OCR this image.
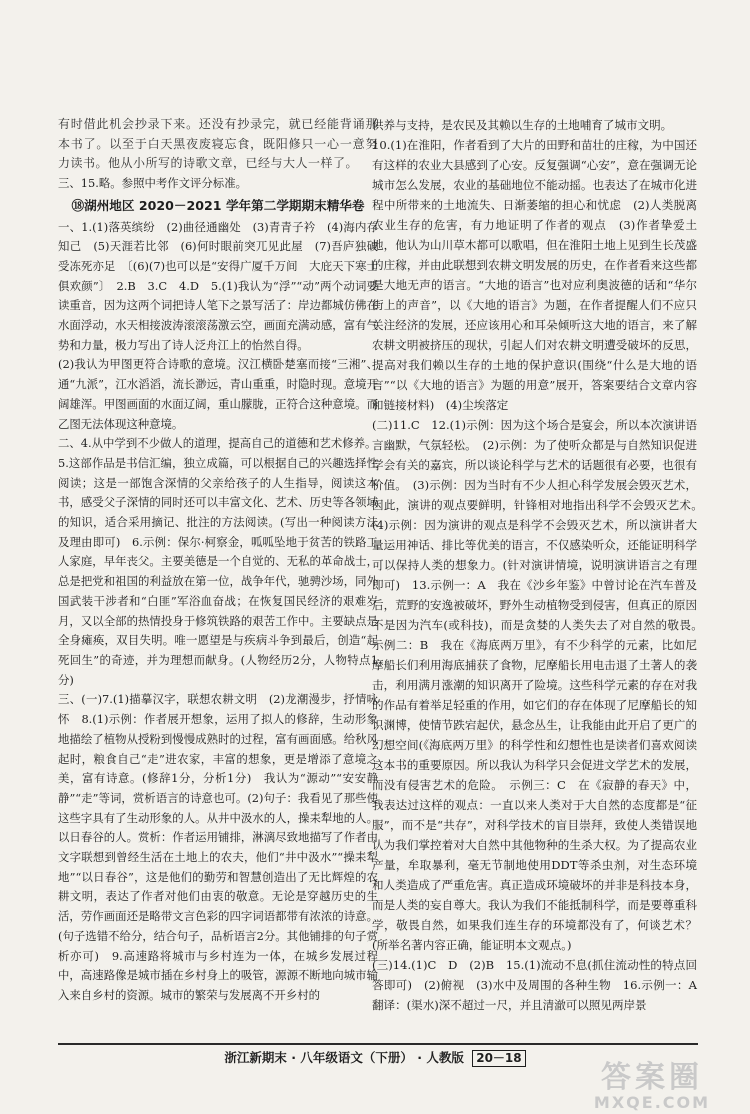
有时借此机会抄录下来。还没有抄录完，就已经能背诵那本书了。以至于白天黑夜废寝忘食，既阳修只一心一意努力读书。他从小所写的诗歌文章，已经与大人一样了。

三、15.略。参照中考作文评分标准。

⑱湖州地区 2020－2021 学年第二学期期末精华卷

一、1.(1)落英缤纷　(2)曲径通幽处　(3)青青子衿　(4)海内存知己　(5)天涯若比邻　(6)何时眼前突兀见此屋　(7)吾庐独破受冻死亦足　〔(6)(7)也可以是“安得广厦千万间　大庇天下寒士俱欢颜”〕　2.B　3.C　4.D　5.(1)我认为“浮”“动”两个动词要读重音，因为这两个词把诗人笔下之景写活了：岸边都城仿佛在水面浮动，水天相接波涛滚滚荡激云空，画面充满动感，富有气势和力量，极力写出了诗人泛舟江上的怡然自得。

(2)我认为甲图更符合诗歌的意境。汉江横卧楚塞而接“三湘”、通“九派”，江水滔滔，流长渺远，青山重重，时隐时现。意境开阔雄浑。甲图画面的水面辽阔，重山朦胧，正符合这种意境。而乙图无法体现这种意境。

二、4.从中学到不少做人的道理，提高自己的道德和艺术修养。

5.这部作品是书信汇编，独立成篇，可以根据自己的兴趣选择性阅读；这是一部饱含深情的父亲给孩子的人生指导，阅读这本书，感受父子深情的同时还可以丰富文化、艺术、历史等各领域的知识，适合采用摘记、批注的方法阅读。(写出一种阅读方法及理由即可)　6.示例：保尔·柯察金，呱呱坠地于贫苦的铁路工人家庭，早年丧父。主要美德是一个自觉的、无私的革命战士，总是把党和祖国的利益放在第一位，战争年代，驰骋沙场，同外国武装干涉者和“白匪”军浴血奋战；在恢复国民经济的艰难岁月，又以全部的热情投身于修筑铁路的艰苦工作中。主要缺点是全身瘫痪，双目失明。唯一愿望是与疾病斗争到最后，创造“起死回生”的奇迹，并为理想而献身。(人物经历2分，人物特点1分)

三、(一)7.(1)描摹汉字，联想农耕文明　(2)龙潮漫步，抒情咏怀　8.(1)示例：作者展开想象，运用了拟人的修辞，生动形象地描绘了植物从授粉到慢慢成熟时的过程，富有画面感。给秋风起时，粮食自己“走”进农家，丰富的想象，更是增添了意境之美，富有诗意。(修辞1分，分析1分)　我认为“源动”“安安静静”“走”等词，赏析语言的诗意也可。(2)句子：我看见了那些使这些字具有了生动形象的人。从井中汲水的人，操耒犁地的人。以日春谷的人。赏析：作者运用铺排，淋漓尽致地描写了作者由文字联想到曾经生活在土地上的农夫，他们“井中汲水”“操耒犁地”“以日春谷”，这是他们的勤劳和智慧创造出了无比辉煌的农耕文明，表达了作者对他们由衷的敬意。无论是穿越历史的生活，劳作画面还是略带文言色彩的四字词语都带有浓浓的诗意。(句子选错不给分，结合句子，品析语言2分。其他铺排的句子赏析亦可)　9.高速路将城市与乡村连为一体，在城乡发展过程中，高速路像是城市插在乡村身上的吸管，源源不断地向城市输入来自乡村的资源。城市的繁荣与发展离不开乡村的

供养与支持，是农民及其赖以生存的土地哺育了城市文明。

10.(1)在淮阳，作者看到了大片的田野和苗壮的庄稼，为中国还有这样的农业大县感到了心安。反复强调“心安”，意在强调无论城市怎么发展，农业的基础地位不能动摇。也表达了在城市化进程中所带来的土地流失、日渐萎缩的担心和忧虑　(2)人类脱离农业生存的危害，有力地证明了作者的观点　(3)作者挚爱土地，他认为山川草木都可以歌唱，但在淮阳土地上见到生长茂盛的庄稼，并由此联想到农耕文明发展的历史，在作者看来这些都是大地无声的语言。“大地的语言”也对应利奥波德的话和“华尔街上的声音”，以《大地的语言》为题，在作者提醒人们不应只关注经济的发展，还应该用心和耳朵倾听这大地的语言，来了解农耕文明被挤压的现状，引起人们对农耕文明遭受破坏的反思，提高对我们赖以生存的土地的保护意识(围绕“什么是大地的语言”“以《大地的语言》为题的用意”展开，答案要结合文章内容和链接材料)　(4)尘埃落定

(二)11.C　12.(1)示例：因为这个场合是宴会，所以本次演讲语言幽默，气氛轻松。　(2)示例：为了使听众都是与自然知识促进学会有关的嘉宾，所以谈论科学与艺术的话题很有必要，也很有价值。　(3)示例：因为当时有不少人担心科学发展会毁灭艺术，因此，演讲的观点要鲜明，针锋相对地指出科学不会毁灭艺术。　(4)示例：因为演讲的观点是科学不会毁灭艺术，所以演讲者大量运用神话、排比等优美的语言，不仅感染听众，还能证明科学可以保持人类的想象力。(针对演讲情境，说明演讲语言之有理即可)　13.示例一：A　我在《沙乡年鉴》中曾讨论在汽车普及后，荒野的安逸被破坏，野外生动植物受到侵害，但真正的原因不是因为汽车(或科技)，而是贪婪的人类失去了对自然的敬畏。　示例二：B　我在《海底两万里》，有不少科学的元素，比如尼摩船长们利用海底捕获了食物，尼摩船长用电击退了土著人的袭击，利用满月涨潮的知识离开了险境。这些科学元素的存在对我的作品有着举足轻重的作用，如它们的存在体现了尼摩船长的知识渊博，使情节跌宕起伏，悬念丛生，让我能由此开启了更广的幻想空间(《海底两万里》的科学性和幻想性也是读者们喜欢阅读这本书的重要原因。所以我认为科学只会促进文学艺术的发展，而没有侵害艺术的危险。　示例三：C　在《寂静的春天》中，我表达过这样的观点：一直以来人类对于大自然的态度都是“征服”，而不是“共存”，对科学技术的盲目崇拜，致使人类错误地认为我们掌控着对大自然中其他物种的生杀大权。为了提高农业产量，牟取暴利，毫无节制地使用DDT等杀虫剂，对生态环境和人类造成了严重危害。真正造成环境破坏的并非是科技本身，而是人类的妄自尊大。我认为我们不能抵制科学，而是要尊重科学，敬畏自然，如果我们连生存的环境都没有了，何谈艺术？(所举名著内容正确，能证明本文观点。)

(三)14.(1)C　D　(2)B　15.(1)流动不息(抓住流动性的特点回答即可)　(2)俯视　(3)水中及周围的各种生物　16.示例一：A　翻译：(渠水)深不超过一尺，并且清澈可以照见两岸景

浙江新期末 · 八年级语文（下册） · 人教版 20－18
答案圈
MXQE.COM
